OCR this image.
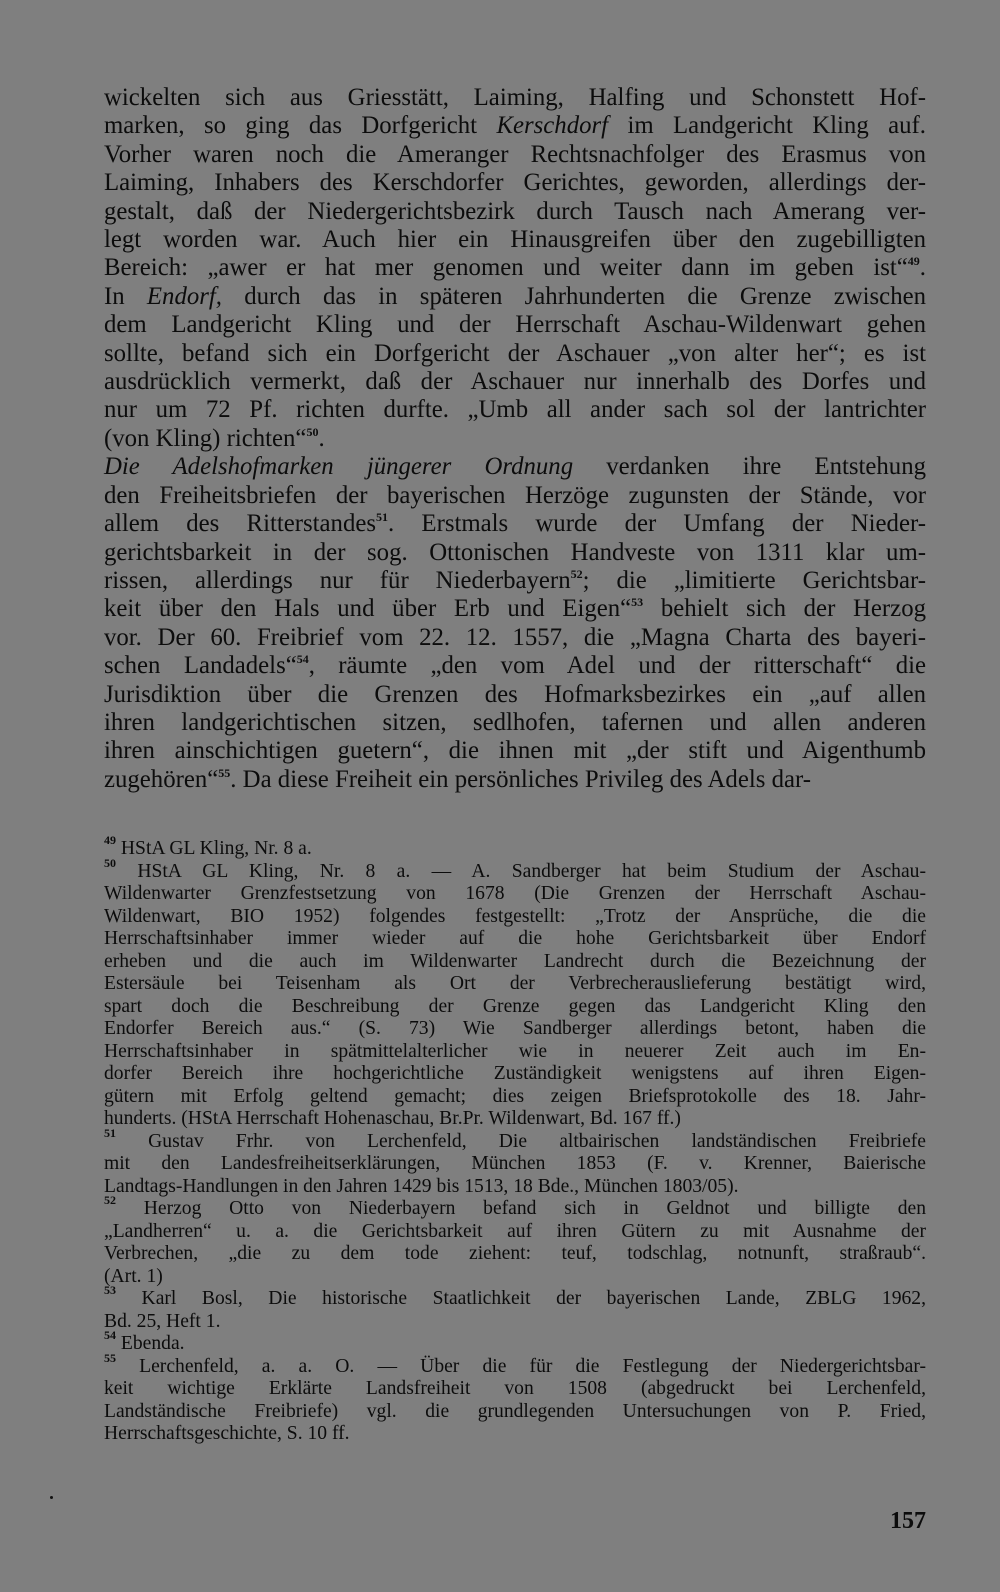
wickelten sich aus Griesstätt, Laiming, Halfing und Schonstett Hof-
marken, so ging das Dorfgericht Kerschdorf im Landgericht Kling auf.
Vorher waren noch die Ameranger Rechtsnachfolger des Erasmus von
Laiming, Inhabers des Kerschdorfer Gerichtes, geworden, allerdings der-
gestalt, daß der Niedergerichtsbezirk durch Tausch nach Amerang ver-
legt worden war. Auch hier ein Hinausgreifen über den zugebilligten
Bereich: „awer er hat mer genomen und weiter dann im geben ist“$^{49}$.
In Endorf, durch das in späteren Jahrhunderten die Grenze zwischen
dem Landgericht Kling und der Herrschaft Aschau-Wildenwart gehen
sollte, befand sich ein Dorfgericht der Aschauer „von alter her“; es ist
ausdrücklich vermerkt, daß der Aschauer nur innerhalb des Dorfes und
nur um 72 Pf. richten durfte. „Umb all ander sach sol der lantrichter
(von Kling) richten“$^{50}$.
Die Adelshofmarken jüngerer Ordnung verdanken ihre Entstehung
den Freiheitsbriefen der bayerischen Herzöge zugunsten der Stände, vor
allem des Ritterstandes$^{51}$. Erstmals wurde der Umfang der Nieder-
gerichtsbarkeit in der sog. Ottonischen Handveste von 1311 klar um-
rissen, allerdings nur für Niederbayern$^{52}$; die „limitierte Gerichtsbar-
keit über den Hals und über Erb und Eigen“$^{53}$ behielt sich der Herzog
vor. Der 60. Freibrief vom 22. 12. 1557, die „Magna Charta des bayeri-
schen Landadels“$^{54}$, räumte „den vom Adel und der ritterschaft“ die
Jurisdiktion über die Grenzen des Hofmarksbezirkes ein „auf allen
ihren landgerichtischen sitzen, sedlhofen, tafernen und allen anderen
ihren ainschichtigen guetern“, die ihnen mit „der stift und Aigenthumb
zugehören“$^{55}$. Da diese Freiheit ein persönliches Privileg des Adels dar-
$^{49}$ HStA GL Kling, Nr. 8 a.
$^{50}$ HStA GL Kling, Nr. 8 a. — A. Sandberger hat beim Studium der Aschau-
Wildenwarter Grenzfestsetzung von 1678 (Die Grenzen der Herrschaft Aschau-
Wildenwart, BIO 1952) folgendes festgestellt: „Trotz der Ansprüche, die die
Herrschaftsinhaber immer wieder auf die hohe Gerichtsbarkeit über Endorf
erheben und die auch im Wildenwarter Landrecht durch die Bezeichnung der
Estersäule bei Teisenham als Ort der Verbrecherauslieferung bestätigt wird,
spart doch die Beschreibung der Grenze gegen das Landgericht Kling den
Endorfer Bereich aus.“ (S. 73) Wie Sandberger allerdings betont, haben die
Herrschaftsinhaber in spätmittelalterlicher wie in neuerer Zeit auch im En-
dorfer Bereich ihre hochgerichtliche Zuständigkeit wenigstens auf ihren Eigen-
gütern mit Erfolg geltend gemacht; dies zeigen Briefsprotokolle des 18. Jahr-
hunderts. (HStA Herrschaft Hohenaschau, Br.Pr. Wildenwart, Bd. 167 ff.)
$^{51}$ Gustav Frhr. von Lerchenfeld, Die altbairischen landständischen Freibriefe
mit den Landesfreiheitserklärungen, München 1853 (F. v. Krenner, Baierische
Landtags-Handlungen in den Jahren 1429 bis 1513, 18 Bde., München 1803/05).
$^{52}$ Herzog Otto von Niederbayern befand sich in Geldnot und billigte den
„Landherren“ u. a. die Gerichtsbarkeit auf ihren Gütern zu mit Ausnahme der
Verbrechen, „die zu dem tode ziehent: teuf, todschlag, notnunft, straßraub“.
(Art. 1)
$^{53}$ Karl Bosl, Die historische Staatlichkeit der bayerischen Lande, ZBLG 1962,
Bd. 25, Heft 1.
$^{54}$ Ebenda.
$^{55}$ Lerchenfeld, a. a. O. — Über die für die Festlegung der Niedergerichtsbar-
keit wichtige Erklärte Landsfreiheit von 1508 (abgedruckt bei Lerchenfeld,
Landständische Freibriefe) vgl. die grundlegenden Untersuchungen von P. Fried,
Herrschaftsgeschichte, S. 10 ff.
157
